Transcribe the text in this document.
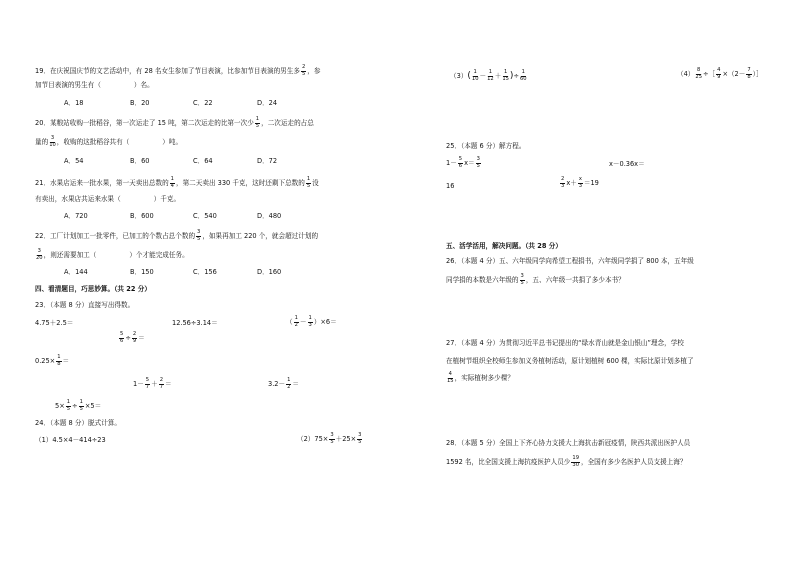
19．在庆祝国庆节的文艺活动中，有 28 名女生参加了节目表演，比参加节目表演的男生多 $\frac{2}{5}$ ，参
加节目表演的男生有（　　　　　）名。
A．18	B．20	C．22	D．24
20．某粮站收购一批稻谷，第一次运走了 15 吨，第二次运走的比第一次少 $\frac{1}{5}$ ，二次运走的占总
量的 $\frac{3}{10}$ ，收购的这批稻谷共有（　　　　　）吨。
A．54	B．60	C．64	D．72
21．水果店运来一批水果，第一天卖出总数的 $\frac{1}{4}$ ，第二天卖出 330 千克，这时还剩下总数的 $\frac{1}{5}$ 没
有卖出，水果店共运来水果（　　　　　）千克。
A．720	B．600	C．540	D．480
22．工厂计划加工一批零件，已加工的个数占总个数的 $\frac{3}{5}$ ，如果再加工 220 个，就会超过计划的
$\frac{3}{20}$ ，则还需要加工（　　　　　）个才能完成任务。
A．144	B．150	C．156	D．160
四、看清题目，巧思妙算。（共 22 分）
23．（本题 8 分）直接写出得数。
4.75＋2.5＝	12.56÷3.14＝	（ $\frac{1}{2} - \frac{1}{3} )\times 6=$
$\frac{5}{6} \div \frac{2}{9}$ ＝
$0.25\times \frac{1}{8}$ ＝
$1- \frac{5}{7} + \frac{2}{7}$ ＝	$3.2- \frac{1}{2}$ ＝
$5\times \frac{1}{5} \div \frac{1}{5} \times 5=$
24．（本题 8 分）脱式计算。
（1）4.5×4－414÷23	$(2)75\times \frac{3}{5} +25\times \frac{3}{5}$
$(3)( \frac{1}{10} - \frac{1}{12} + \frac{1}{15}$ )÷ $\frac{1}{60}$	$(4) \frac{8}{25}$ ÷［ $\frac{4}{9} \times(2- \frac{7}{8}$ ）］
25．（本题 6 分）解方程。
$1- \frac{5}{6} x= \frac{3}{5}$	x－0.36x＝
16	$\frac{2}{3} x+ \frac{x}{3} =19$
五、活学活用，解决问题。（共 28 分）
26．（本题 4 分）五、六年级同学向希望工程捐书，六年级同学捐了 800 本，五年级
同学捐的本数是六年级的 $\frac{3}{5}$ ，五、六年级一共捐了多少本书？
27．（本题 4 分）为贯彻习近平总书记提出的“绿水青山就是金山银山”理念，学校
在植树节组织全校师生参加义务植树活动，原计划植树 600 棵，实际比原计划多植了
$\frac{4}{15}$ ，实际植树多少棵？
28．（本题 5 分）全国上下齐心协力支援大上海抗击新冠疫情，陕西共派出医护人员
1592 名，比全国支援上海抗疫医护人员少 $\frac{19}{30}$ ，全国有多少名医护人员支援上海？
